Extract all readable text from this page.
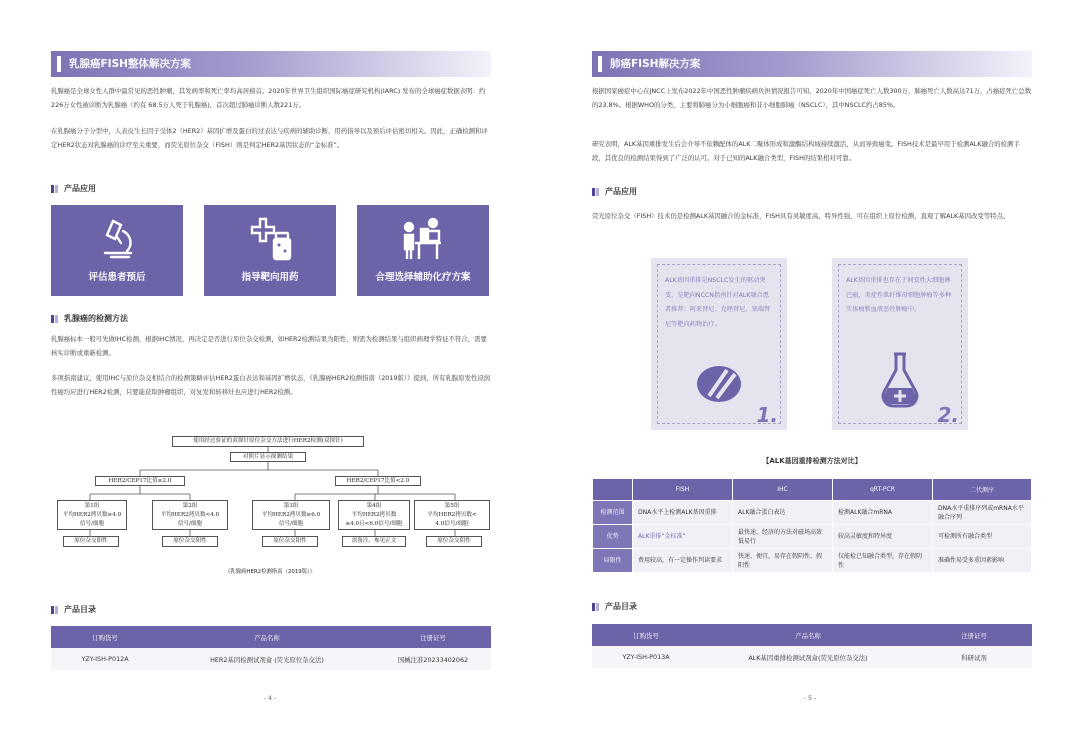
乳腺癌FISH整体解决方案
乳腺癌是全球女性人群中最常见的恶性肿瘤，其发病率和死亡率均高居榜首。2020年世界卫生组织国际癌症研究机构(IARC) 发布的全球癌症数据表明：约226万女性被诊断为乳腺癌（约有 68.5万人死于乳腺癌)，首次超过肺癌诊断人数221万。
在乳腺癌分子分型中，人表皮生长因子受体2（HER2）基因扩增及蛋白的过表达与疾病的辅助诊断、用药指导以及预后评估密切相关。因此，正确检测和评定HER2状态对乳腺癌的诊疗至关重要，而荧光原位杂交（FISH）则是判定HER2基因状态的“金标准”。
产品应用
评估患者预后	指导靶向用药	合理选择辅助化疗方案
乳腺癌的检测方法
乳腺癌标本一般可先做IHC检测，根据IHC情况，再决定是否进行原位杂交检测，如HER2检测结果为阳性，则需为检测结果与组织病理学特征不符合，需要核实诊断或重新检测。
多项指南建议，使用IHC与原位杂交相结合的检测策略评估HER2蛋白表达和基因扩增状态，《乳腺癌HER2检测指南（2019版）》提到，所有乳腺原发性浸润性癌均应进行HER2检测，只要能获取肿瘤组织，对复发和转移灶也应进行HER2检测。
使用经过验证的双探针原位杂交方法进行HER2检测(双探针)
对照片显示探测结果
HER2/CEP17比值≥2.0	HER2/CEP17比值<2.0
第1组
平均HER2拷贝数≥4.0
信号/细胞
第2组
平均HER2拷贝数<4.0
信号/细胞
第3组
平均HER2拷贝数≥6.0
信号/细胞
第4组
平均HER2拷贝数
≥4.0且<6.0信号/细胞
第5组
平均HER2拷贝数<
4.0信号/细胞
原位杂交阳性	原位杂交阳性	原位杂交阳性	需备注，参见正文	原位杂交阴性
《乳腺癌HER2检测指南（2019版）》
产品目录
订购货号	产品名称	注册证号
YZY-ISH-P012A	HER2基因检测试剂盒 (荧光原位杂交法)	国械注准20233402062
- 4 -
肺癌FISH解决方案
根据国家癌症中心在JNCC上发布2022年中国恶性肿瘤疾病负担情况报告可知，2020年中国癌症死亡人数300万，肺癌死亡人数高达71万，占癌症死亡总数的23.8%。根据WHO的分类，主要将肺癌分为小细胞癌和非小细胞肺癌（NSCLC），其中NSCLC约占85%。
研究表明，ALK基因重排发生后会介导不依赖配体的ALK二聚体形成和激酶结构域持续激活，从而导致癌变。FISH技术是最早用于检测ALK融合的检测手段，其优良的检测结果得到了广泛的认可。对于已知的ALK融合类型，FISH的结果相对可靠。
产品应用
荧光原位杂交（FISH）技术仍是检测ALK基因融合的金标准，FISH具有灵敏度高、特异性强，可在组织上原位检测，直观了解ALK基因改变等特点。

ALK基因重排是NSCLC发生的驱动突变，是靶向NCCN指南针对ALK融合患者推荐：阿来替尼、克唑替尼、塞瑞替尼等靶向药物治疗。

1.

ALK基因重排也存在于间变性大细胞淋巴瘤、炎症性肌纤维母细胞肿瘤等多种实体瘤和血液恶性肿瘤中。

2.
【ALK基因重排检测方法对比】
	FISH	IHC	qRT-PCR	二代测序
检测范围	DNA水平上检测ALK基因重排	ALK融合蛋白表达	检测ALK融合mRNA	DNA水平重排序列或mRNA水平融合序列
优势	ALK重排“金标准”	最快速、经济的方法对磁场高效低易行	较高灵敏度和特异度	可检测所有融合类型
局限性	费用较高，有一定操作判读要求	快速、便宜，易存在假阴性、假阳性	仅能检已知融合类型，存在假阴性	准确性易受多重因素影响
产品目录
订购货号	产品名称	注册证号
YZY-ISH-P013A	ALK基因重排检测试剂盒(荧光原位杂交法)	科研试剂
- 5 -
